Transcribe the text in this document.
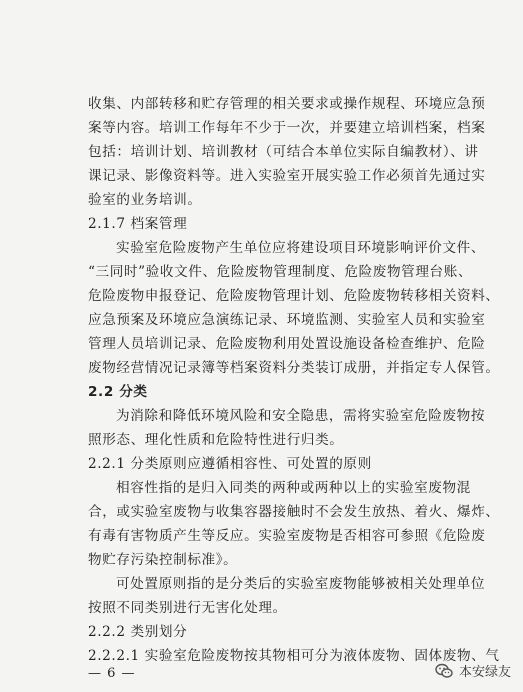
收集、内部转移和贮存管理的相关要求或操作规程、环境应急预
案等内容。培训工作每年不少于一次，并要建立培训档案，档案
包括：培训计划、培训教材（可结合本单位实际自编教材）、讲
课记录、影像资料等。进入实验室开展实验工作必须首先通过实
验室的业务培训。
2.1.7 档案管理
实验室危险废物产生单位应将建设项目环境影响评价文件、
“三同时”验收文件、危险废物管理制度、危险废物管理台账、
危险废物申报登记、危险废物管理计划、危险废物转移相关资料、
应急预案及环境应急演练记录、环境监测、实验室人员和实验室
管理人员培训记录、危险废物利用处置设施设备检查维护、危险
废物经营情况记录簿等档案资料分类装订成册，并指定专人保管。
2.2 分类
为消除和降低环境风险和安全隐患，需将实验室危险废物按
照形态、理化性质和危险特性进行归类。
2.2.1 分类原则应遵循相容性、可处置的原则
相容性指的是归入同类的两种或两种以上的实验室废物混
合，或实验室废物与收集容器接触时不会发生放热、着火、爆炸、
有毒有害物质产生等反应。实验室废物是否相容可参照《危险废
物贮存污染控制标准》。
可处置原则指的是分类后的实验室废物能够被相关处理单位
按照不同类别进行无害化处理。
2.2.2 类别划分
2.2.2.1 实验室危险废物按其物相可分为液体废物、固体废物、气
— 6 —	本安绿友
